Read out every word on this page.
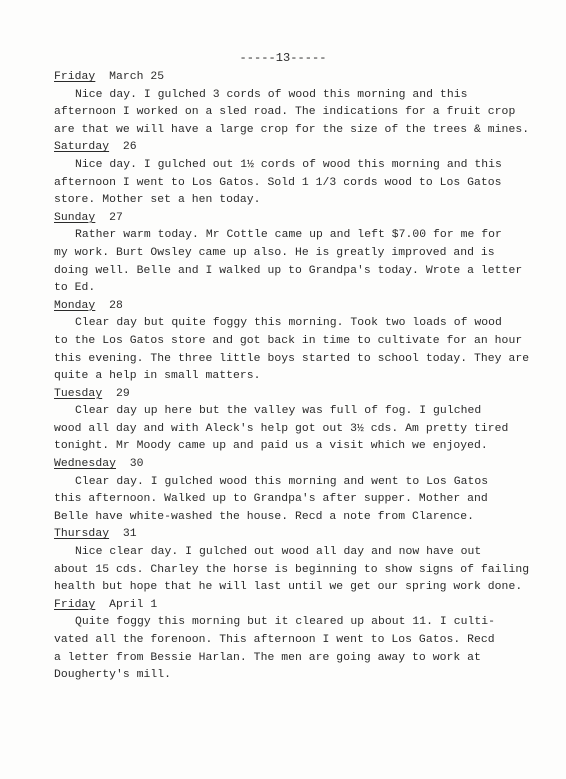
-----13-----
Friday March 25
Nice day. I gulched 3 cords of wood this morning and this
afternoon I worked on a sled road. The indications for a fruit crop
are that we will have a large crop for the size of the trees & mines.
Saturday 26
Nice day. I gulched out 1½ cords of wood this morning and this
afternoon I went to Los Gatos. Sold 1 1/3 cords wood to Los Gatos
store. Mother set a hen today.
Sunday 27
Rather warm today. Mr Cottle came up and left $7.00 for me for
my work. Burt Owsley came up also. He is greatly improved and is
doing well. Belle and I walked up to Grandpa's today. Wrote a letter
to Ed.
Monday 28
Clear day but quite foggy this morning. Took two loads of wood
to the Los Gatos store and got back in time to cultivate for an hour
this evening. The three little boys started to school today. They are
quite a help in small matters.
Tuesday 29
Clear day up here but the valley was full of fog. I gulched
wood all day and with Aleck's help got out 3½ cds. Am pretty tired
tonight. Mr Moody came up and paid us a visit which we enjoyed.
Wednesday 30
Clear day. I gulched wood this morning and went to Los Gatos
this afternoon. Walked up to Grandpa's after supper. Mother and
Belle have white-washed the house. Recd a note from Clarence.
Thursday 31
Nice clear day. I gulched out wood all day and now have out
about 15 cds. Charley the horse is beginning to show signs of failing
health but hope that he will last until we get our spring work done.
Friday April 1
Quite foggy this morning but it cleared up about 11. I culti-
vated all the forenoon. This afternoon I went to Los Gatos. Recd
a letter from Bessie Harlan. The men are going away to work at
Dougherty's mill.
